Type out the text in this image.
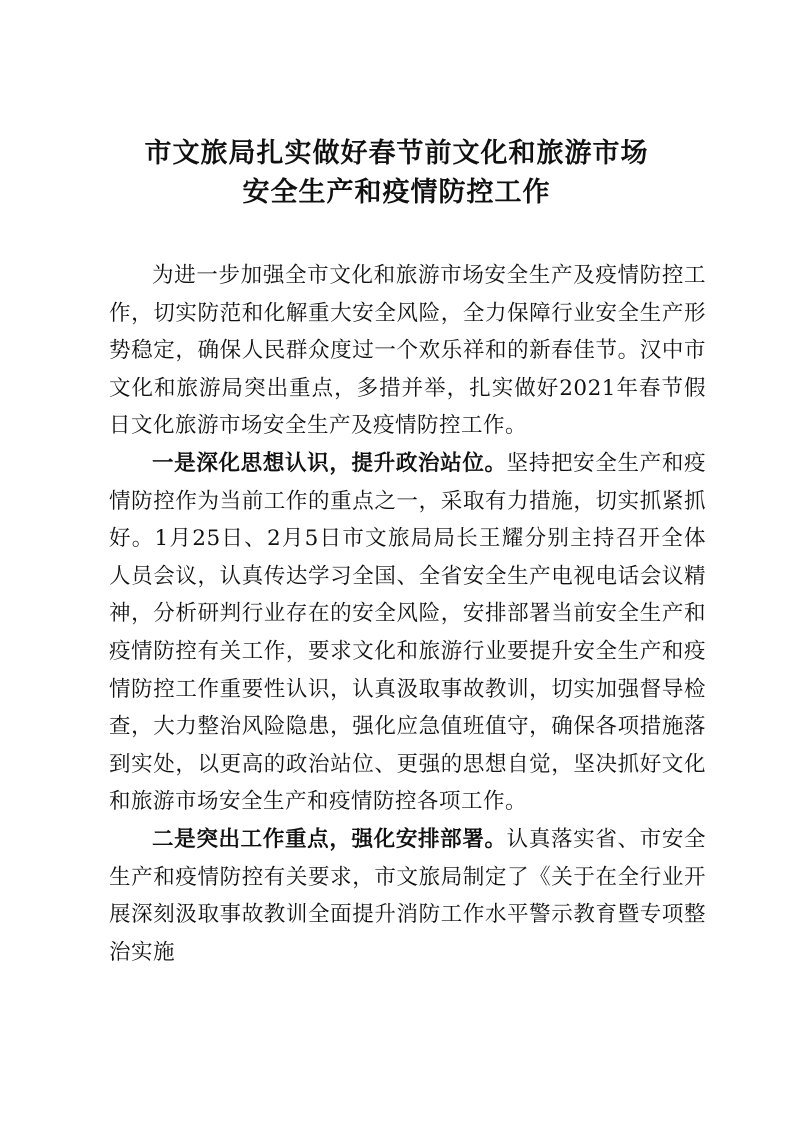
市文旅局扎实做好春节前文化和旅游市场
安全生产和疫情防控工作

为进一步加强全市文化和旅游市场安全生产及疫情防控工作，切实防范和化解重大安全风险，全力保障行业安全生产形势稳定，确保人民群众度过一个欢乐祥和的新春佳节。汉中市文化和旅游局突出重点，多措并举，扎实做好2021年春节假日文化旅游市场安全生产及疫情防控工作。

一是深化思想认识，提升政治站位。坚持把安全生产和疫情防控作为当前工作的重点之一，采取有力措施，切实抓紧抓好。1月25日、2月5日市文旅局局长王耀分别主持召开全体人员会议，认真传达学习全国、全省安全生产电视电话会议精神，分析研判行业存在的安全风险，安排部署当前安全生产和疫情防控有关工作，要求文化和旅游行业要提升安全生产和疫情防控工作重要性认识，认真汲取事故教训，切实加强督导检查，大力整治风险隐患，强化应急值班值守，确保各项措施落到实处，以更高的政治站位、更强的思想自觉，坚决抓好文化和旅游市场安全生产和疫情防控各项工作。

二是突出工作重点，强化安排部署。认真落实省、市安全生产和疫情防控有关要求，市文旅局制定了《关于在全行业开展深刻汲取事故教训全面提升消防工作水平警示教育暨专项整治实施
